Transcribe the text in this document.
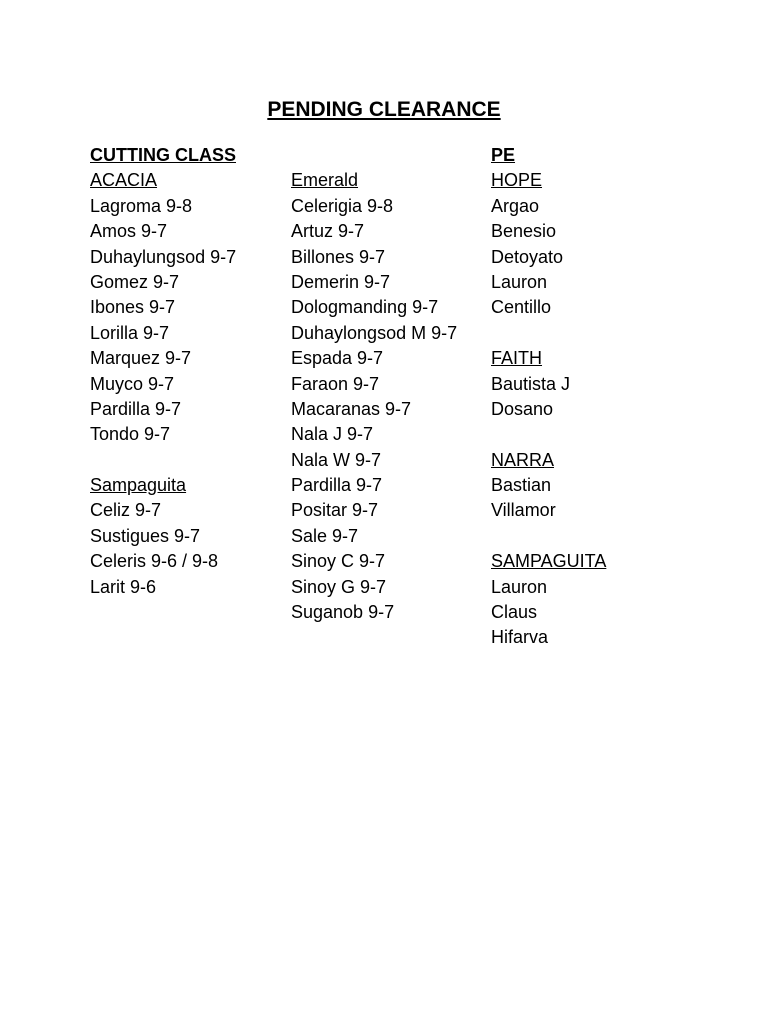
PENDING CLEARANCE
CUTTING CLASS
ACACIA
Lagroma 9-8
Amos 9-7
Duhaylungsod 9-7
Gomez 9-7
Ibones 9-7
Lorilla 9-7
Marquez 9-7
Muyco 9-7
Pardilla 9-7
Tondo 9-7
Sampaguita
Celiz 9-7
Sustigues 9-7
Celeris 9-6 / 9-8
Larit 9-6
Emerald
Celerigia 9-8
Artuz 9-7
Billones 9-7
Demerin 9-7
Dologmanding 9-7
Duhaylongsod M 9-7
Espada 9-7
Faraon 9-7
Macaranas 9-7
Nala J 9-7
Nala W 9-7
Pardilla 9-7
Positar 9-7
Sale 9-7
Sinoy C 9-7
Sinoy G 9-7
Suganob 9-7
PE
HOPE
Argao
Benesio
Detoyato
Lauron
Centillo
FAITH
Bautista J
Dosano
NARRA
Bastian
Villamor
SAMPAGUITA
Lauron
Claus
Hifarva
